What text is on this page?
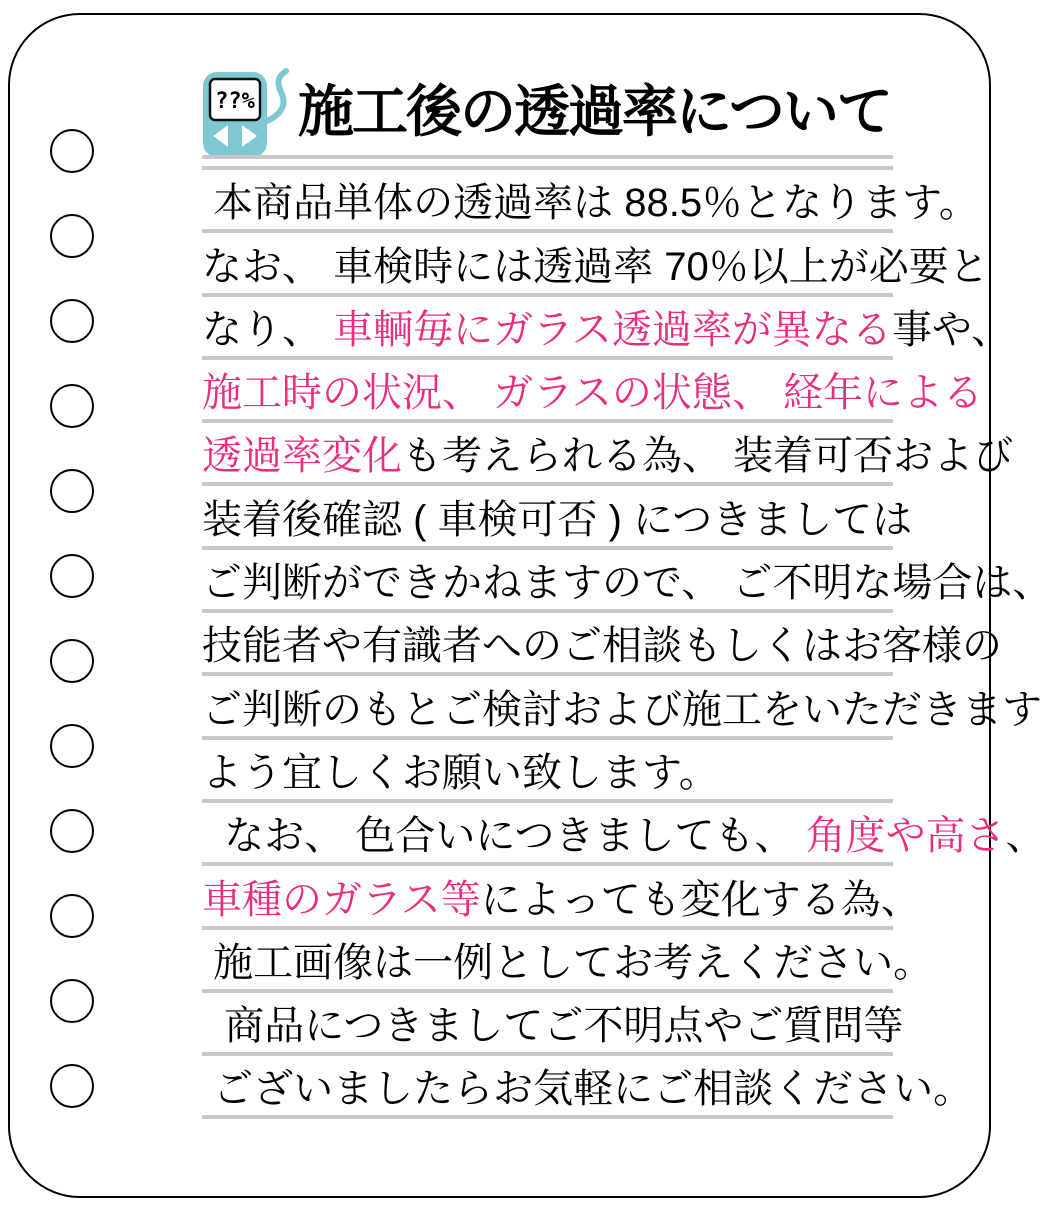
??% 施工後の透過率について
本商品単体の透過率は 88.5％となります。
なお、 車検時には透過率 70％以上が必要と
なり、 車輌毎にガラス透過率が異なる 事や、
施工時の状況、 ガラスの状態、 経年による
透過率変化 も考えられる為、 装着可否および
装着後確認 ( 車検可否 ) につきましては
ご判断ができかねますので、 ご不明な場合は、
技能者や有識者へのご相談もしくはお客様の
ご判断のもとご検討および施工をいただきます
よう宜しくお願い致します。
なお、 色合いにつきましても、 角度や高さ 、
車種のガラス等 によっても変化する為、
施工画像は一例としてお考えください。
商品につきましてご不明点やご質問等
ございましたらお気軽にご相談ください。
